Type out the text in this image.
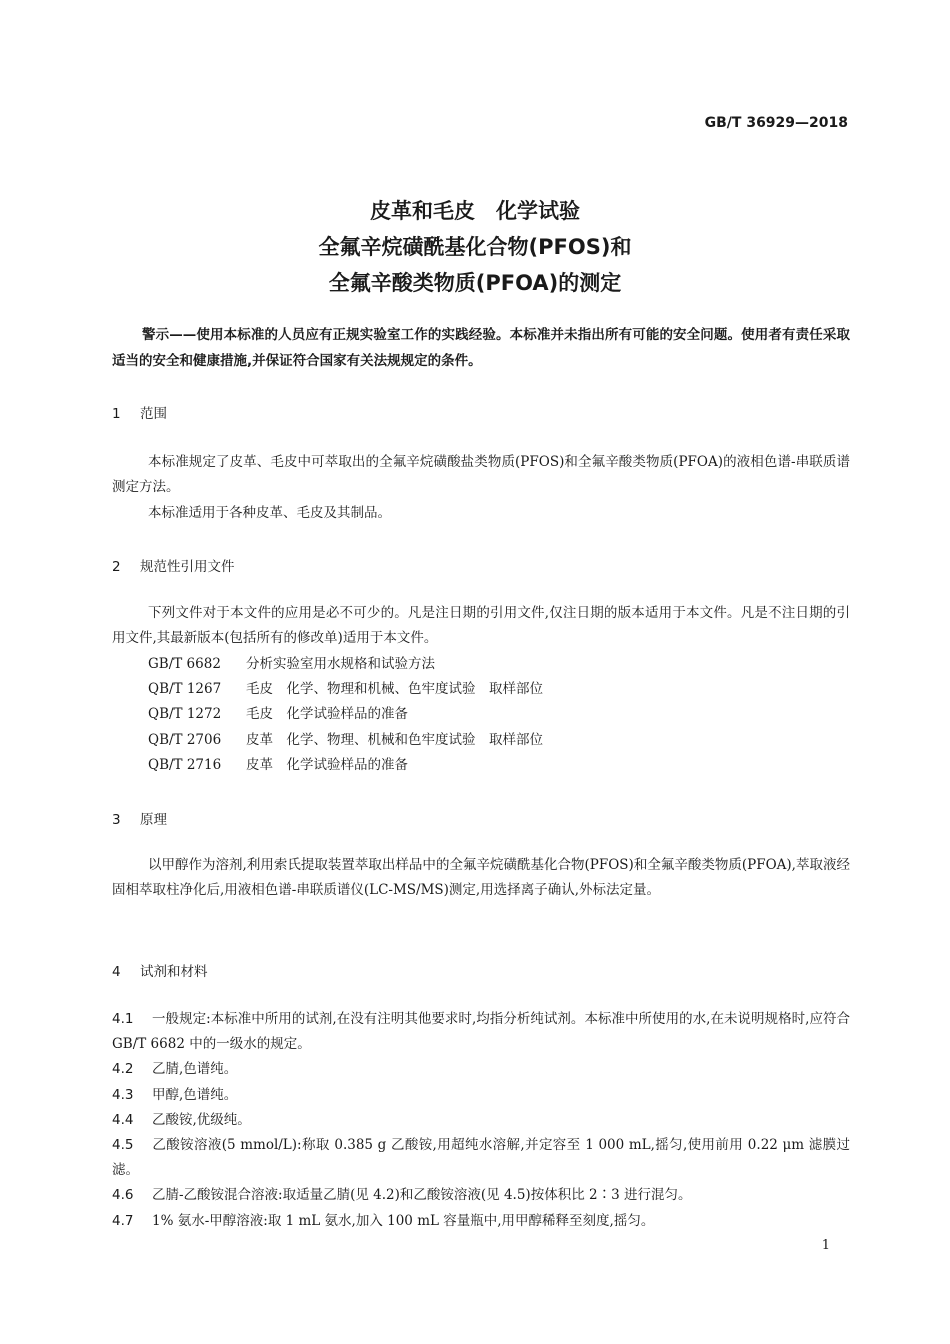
GB/T 36929—2018
皮革和毛皮　化学试验
全氟辛烷磺酰基化合物(PFOS)和
全氟辛酸类物质(PFOA)的测定
警示——使用本标准的人员应有正规实验室工作的实践经验。本标准并未指出所有可能的安全问题。使用者有责任采取适当的安全和健康措施,并保证符合国家有关法规规定的条件。
1 范围
本标准规定了皮革、毛皮中可萃取出的全氟辛烷磺酸盐类物质(PFOS)和全氟辛酸类物质(PFOA)的液相色谱-串联质谱测定方法。
本标准适用于各种皮革、毛皮及其制品。
2 规范性引用文件
下列文件对于本文件的应用是必不可少的。凡是注日期的引用文件,仅注日期的版本适用于本文件。凡是不注日期的引用文件,其最新版本(包括所有的修改单)适用于本文件。
GB/T 6682 分析实验室用水规格和试验方法
QB/T 1267 毛皮　化学、物理和机械、色牢度试验　取样部位
QB/T 1272 毛皮　化学试验样品的准备
QB/T 2706 皮革　化学、物理、机械和色牢度试验　取样部位
QB/T 2716 皮革　化学试验样品的准备
3 原理
以甲醇作为溶剂,利用索氏提取装置萃取出样品中的全氟辛烷磺酰基化合物(PFOS)和全氟辛酸类物质(PFOA),萃取液经固相萃取柱净化后,用液相色谱-串联质谱仪(LC-MS/MS)测定,用选择离子确认,外标法定量。
4 试剂和材料
4.1 一般规定:本标准中所用的试剂,在没有注明其他要求时,均指分析纯试剂。本标准中所使用的水,在未说明规格时,应符合 GB/T 6682 中的一级水的规定。
4.2 乙腈,色谱纯。
4.3 甲醇,色谱纯。
4.4 乙酸铵,优级纯。
4.5 乙酸铵溶液(5 mmol/L):称取 0.385 g 乙酸铵,用超纯水溶解,并定容至 1 000 mL,摇匀,使用前用 0.22 μm 滤膜过滤。
4.6 乙腈-乙酸铵混合溶液:取适量乙腈(见 4.2)和乙酸铵溶液(见 4.5)按体积比 2∶3 进行混匀。
4.7 1% 氨水-甲醇溶液:取 1 mL 氨水,加入 100 mL 容量瓶中,用甲醇稀释至刻度,摇匀。
1
